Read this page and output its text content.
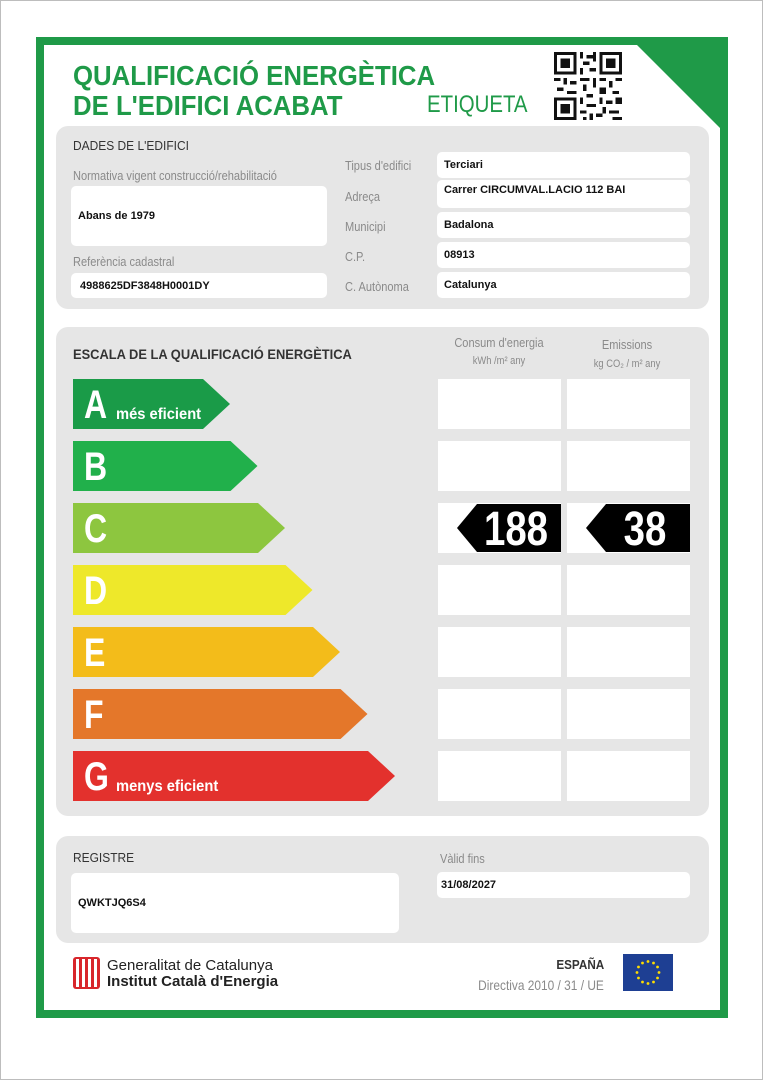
QUALIFICACIÓ ENERGÈTICA
DE L'EDIFICI ACABAT	ETIQUETA
DADES DE L'EDIFICI
Normativa vigent construcció/rehabilitació
Abans de 1979
Referència cadastral
4988625DF3848H0001DY
Tipus d'edifici	Terciari
Adreça	Carrer CIRCUMVAL.LACIO 112 BAI
Municipi	Badalona
C.P.	08913
C. Autònoma	Catalunya
ESCALA DE LA QUALIFICACIÓ ENERGÈTICA
Consum d'energia
kWh /m² any
Emissions
kg CO₂ / m² any
A més eficient
B
C	188	38
D
E
F
G menys eficient
REGISTRE
QWKTJQ6S4
Vàlid fins
31/08/2027
Generalitat de Catalunya
Institut Català d'Energia
ESPAÑA
Directiva 2010 / 31 / UE
